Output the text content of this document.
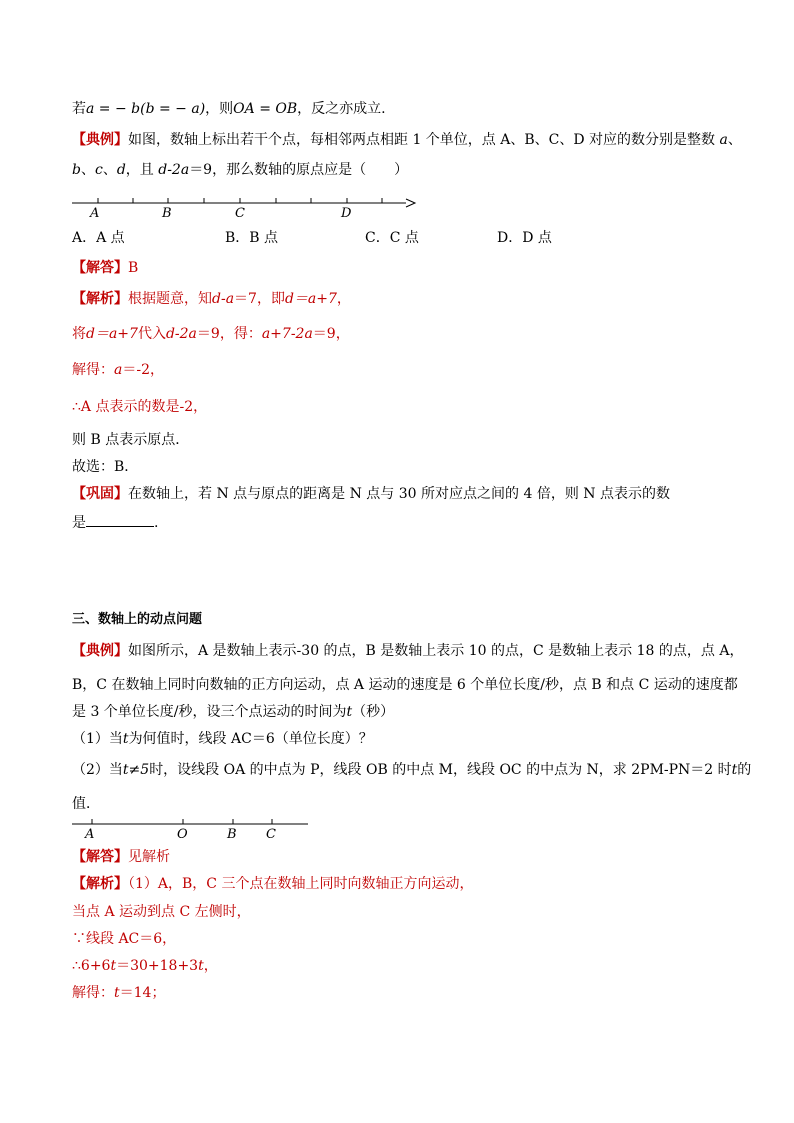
若a = − b(b = − a)，则OA = OB，反之亦成立.
【典例】如图，数轴上标出若干个点，每相邻两点相距 1 个单位，点 A、B、C、D 对应的数分别是整数 a、
b、c、d，且 d-2a＝9，那么数轴的原点应是（　　）
A	B	C	D
A．A 点	B．B 点	C．C 点	D．D 点
【解答】B
【解析】根据题意，知d-a＝7，即d＝a+7，
将d＝a+7代入d-2a＝9，得：a+7-2a＝9，
解得：a＝-2，
∴A 点表示的数是-2，
则 B 点表示原点．
故选：B．
【巩固】在数轴上，若 N 点与原点的距离是 N 点与 30 所对应点之间的 4 倍，则 N 点表示的数
是	.
三、数轴上的动点问题
【典例】如图所示，A 是数轴上表示-30 的点，B 是数轴上表示 10 的点，C 是数轴上表示 18 的点，点 A，
B，C 在数轴上同时向数轴的正方向运动，点 A 运动的速度是 6 个单位长度/秒，点 B 和点 C 运动的速度都
是 3 个单位长度/秒，设三个点运动的时间为t（秒）
（1）当t为何值时，线段 AC＝6（单位长度）？
（2）当t≠5时，设线段 OA 的中点为 P，线段 OB 的中点 M，线段 OC 的中点为 N，求 2PM-PN＝2 时t的
值．
A	O	B C
【解答】见解析
【解析】（1）A，B，C 三个点在数轴上同时向数轴正方向运动，
当点 A 运动到点 C 左侧时，
∵线段 AC＝6，
∴6+6t＝30+18+3t，
解得：t＝14；
